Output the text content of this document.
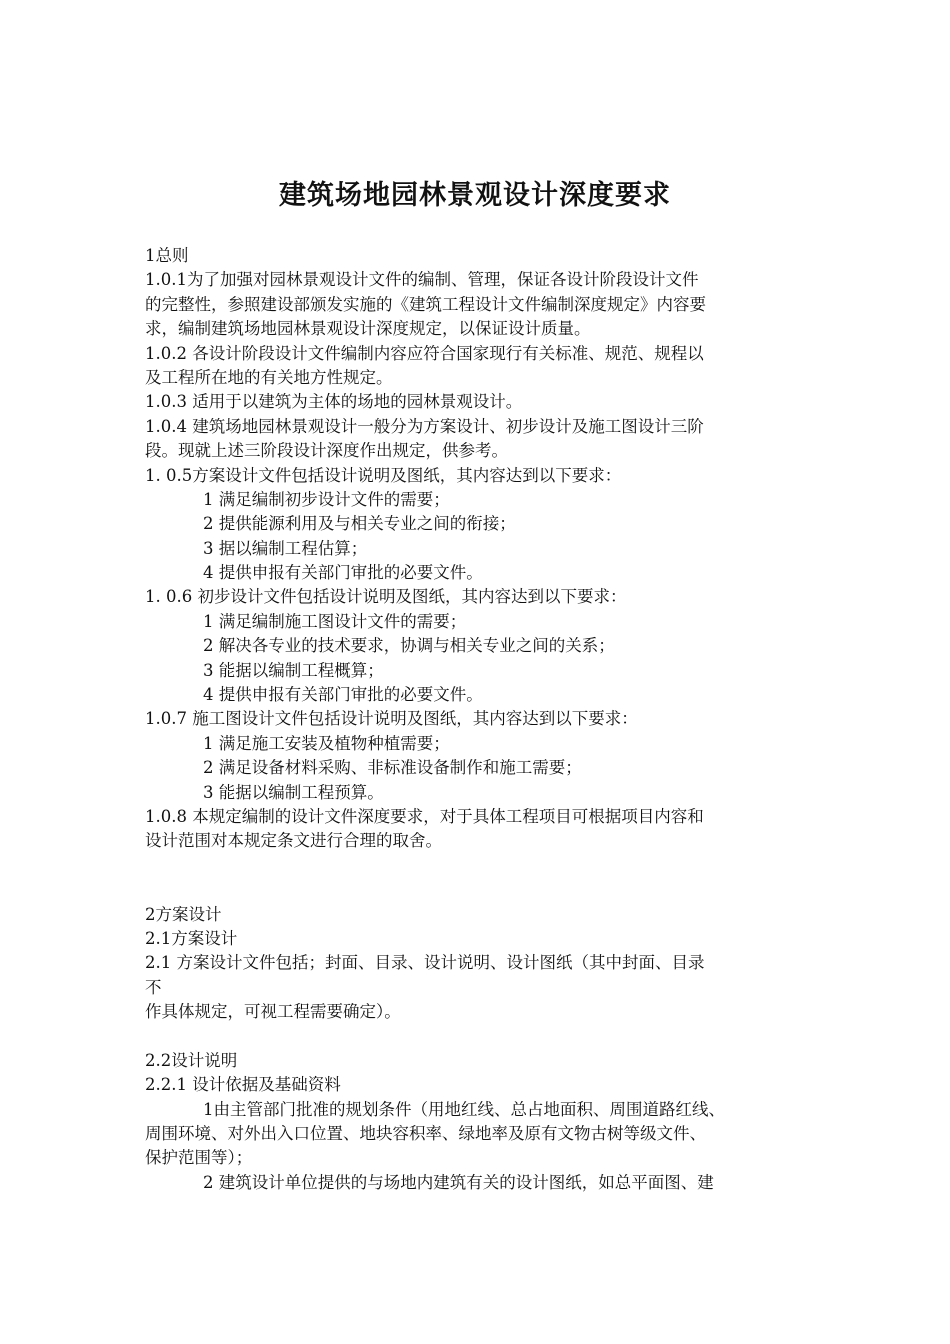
建筑场地园林景观设计深度要求
1总则
1.0.1为了加强对园林景观设计文件的编制、管理，保证各设计阶段设计文件
的完整性，参照建设部颁发实施的《建筑工程设计文件编制深度规定》内容要
求，编制建筑场地园林景观设计深度规定，以保证设计质量。
1.0.2 各设计阶段设计文件编制内容应符合国家现行有关标准、规范、规程以
及工程所在地的有关地方性规定。
1.0.3 适用于以建筑为主体的场地的园林景观设计。
1.0.4 建筑场地园林景观设计一般分为方案设计、初步设计及施工图设计三阶
段。现就上述三阶段设计深度作出规定，供参考。
1. 0.5方案设计文件包括设计说明及图纸，其内容达到以下要求：
1 满足编制初步设计文件的需要；
2 提供能源利用及与相关专业之间的衔接；
3 据以编制工程估算；
4 提供申报有关部门审批的必要文件。
1. 0.6 初步设计文件包括设计说明及图纸，其内容达到以下要求：
1 满足编制施工图设计文件的需要；
2 解决各专业的技术要求，协调与相关专业之间的关系；
3 能据以编制工程概算；
4 提供申报有关部门审批的必要文件。
1.0.7 施工图设计文件包括设计说明及图纸，其内容达到以下要求：
1 满足施工安装及植物种植需要；
2 满足设备材料采购、非标准设备制作和施工需要；
3 能据以编制工程预算。
1.0.8 本规定编制的设计文件深度要求，对于具体工程项目可根据项目内容和
设计范围对本规定条文进行合理的取舍。
2方案设计
2.1方案设计
2.1 方案设计文件包括；封面、目录、设计说明、设计图纸（其中封面、目录
不
作具体规定，可视工程需要确定）。
2.2设计说明
2.2.1 设计依据及基础资料
1由主管部门批准的规划条件（用地红线、总占地面积、周围道路红线、
周围环境、对外出入口位置、地块容积率、绿地率及原有文物古树等级文件、
保护范围等）；
2 建筑设计单位提供的与场地内建筑有关的设计图纸，如总平面图、建
